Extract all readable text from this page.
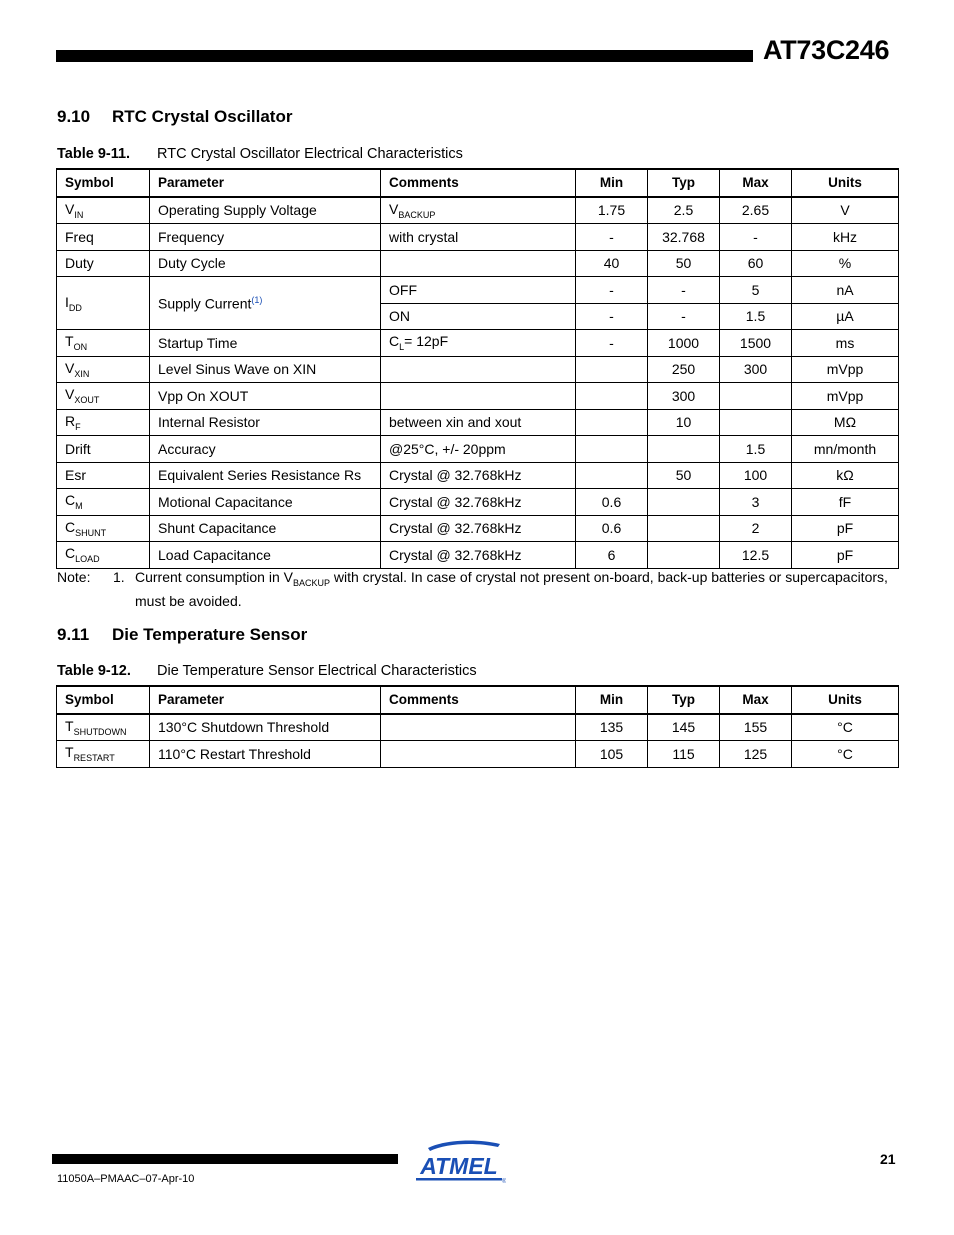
AT73C246
9.10 RTC Crystal Oscillator
Table 9-11. RTC Crystal Oscillator Electrical Characteristics
Symbol	Parameter	Comments	Min	Typ	Max	Units
$V_{IN}$	Operating Supply Voltage	$V_{BACKUP}$	1.75	2.5	2.65	V
Freq	Frequency	with crystal	-	32.768	-	kHz
Duty	Duty Cycle		40	50	60	%
$I_{DD}$	Supply Current$^{(1)}$	OFF	-	-	5	nA
		ON	-	-	1.5	µA
$T_{ON}$	Startup Time	$C_L= 12pF$	-	1000	1500	ms
$V_{XIN}$	Level Sinus Wave on XIN			250	300	mVpp
$V_{XOUT}$	Vpp On XOUT			300		mVpp
$R_F$	Internal Resistor	between xin and xout		10		MΩ
Drift	Accuracy	@25°C, +/- 20ppm			1.5	mn/month
Esr	Equivalent Series Resistance Rs	Crystal @ 32.768kHz		50	100	kΩ
$C_M$	Motional Capacitance	Crystal @ 32.768kHz	0.6		3	fF
$C_{SHUNT}$	Shunt Capacitance	Crystal @ 32.768kHz	0.6		2	pF
$C_{LOAD}$	Load Capacitance	Crystal @ 32.768kHz	6		12.5	pF
Note: 1. Current consumption in $V_{BACKUP}$ with crystal. In case of crystal not present on-board, back-up batteries or supercapacitors, must be avoided.
9.11 Die Temperature Sensor
Table 9-12. Die Temperature Sensor Electrical Characteristics
Symbol	Parameter	Comments	Min	Typ	Max	Units
$T_{SHUTDOWN}$	130°C Shutdown Threshold		135	145	155	°C
$T_{RESTART}$	110°C Restart Threshold		105	115	125	°C
ATMEL
®
21
11050A–PMAAC–07-Apr-10
